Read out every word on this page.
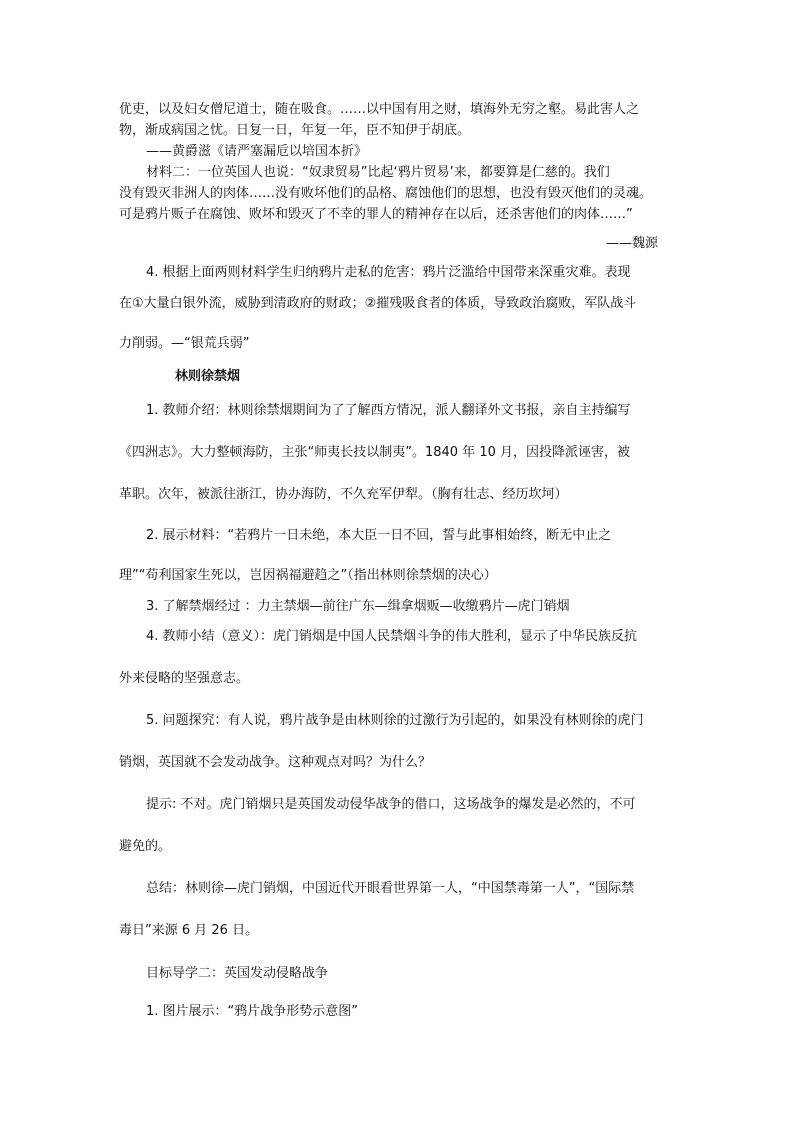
优吏，以及妇女僧尼道士，随在吸食。……以中国有用之财，填海外无穷之壑。易此害人之
物，渐成病国之忧。日复一日，年复一年，臣不知伊于胡底。
——黄爵滋《请严塞漏卮以培国本折》
材料二：一位英国人也说：“奴隶贸易”比起‘鸦片贸易’来，都要算是仁慈的。我们
没有毁灭非洲人的肉体……没有败坏他们的品格、腐蚀他们的思想，也没有毁灭他们的灵魂。
可是鸦片贩子在腐蚀、败坏和毁灭了不幸的罪人的精神存在以后，还杀害他们的肉体……”
——魏源
4. 根据上面两则材料学生归纳鸦片走私的危害：鸦片泛滥给中国带来深重灾难。表现
在①大量白银外流，威胁到清政府的财政；②摧残吸食者的体质，导致政治腐败，军队战斗
力削弱。—“银荒兵弱”
林则徐禁烟
1. 教师介绍：林则徐禁烟期间为了了解西方情况，派人翻译外文书报，亲自主持编写
《四洲志》。大力整顿海防，主张“师夷长技以制夷”。1840 年 10 月，因投降派诬害，被
革职。次年，被派往浙江，协办海防，不久充军伊犁。（胸有壮志、经历坎坷）
2. 展示材料：“若鸦片一日未绝，本大臣一日不回，誓与此事相始终，断无中止之
理”“苟利国家生死以，岂因祸福避趋之”（指出林则徐禁烟的决心）
3. 了解禁烟经过 ：力主禁烟—前往广东—缉拿烟贩—收缴鸦片—虎门销烟
4. 教师小结（意义）：虎门销烟是中国人民禁烟斗争的伟大胜利，显示了中华民族反抗
外来侵略的坚强意志。
5. 问题探究：有人说，鸦片战争是由林则徐的过激行为引起的，如果没有林则徐的虎门
销烟，英国就不会发动战争。这种观点对吗？为什么？
提示: 不对。虎门销烟只是英国发动侵华战争的借口，这场战争的爆发是必然的，不可
避免的。
总结：林则徐—虎门销烟，中国近代开眼看世界第一人，“中国禁毒第一人”，“国际禁
毒日”来源 6 月 26 日。
目标导学二：英国发动侵略战争
1. 图片展示：“鸦片战争形势示意图”
